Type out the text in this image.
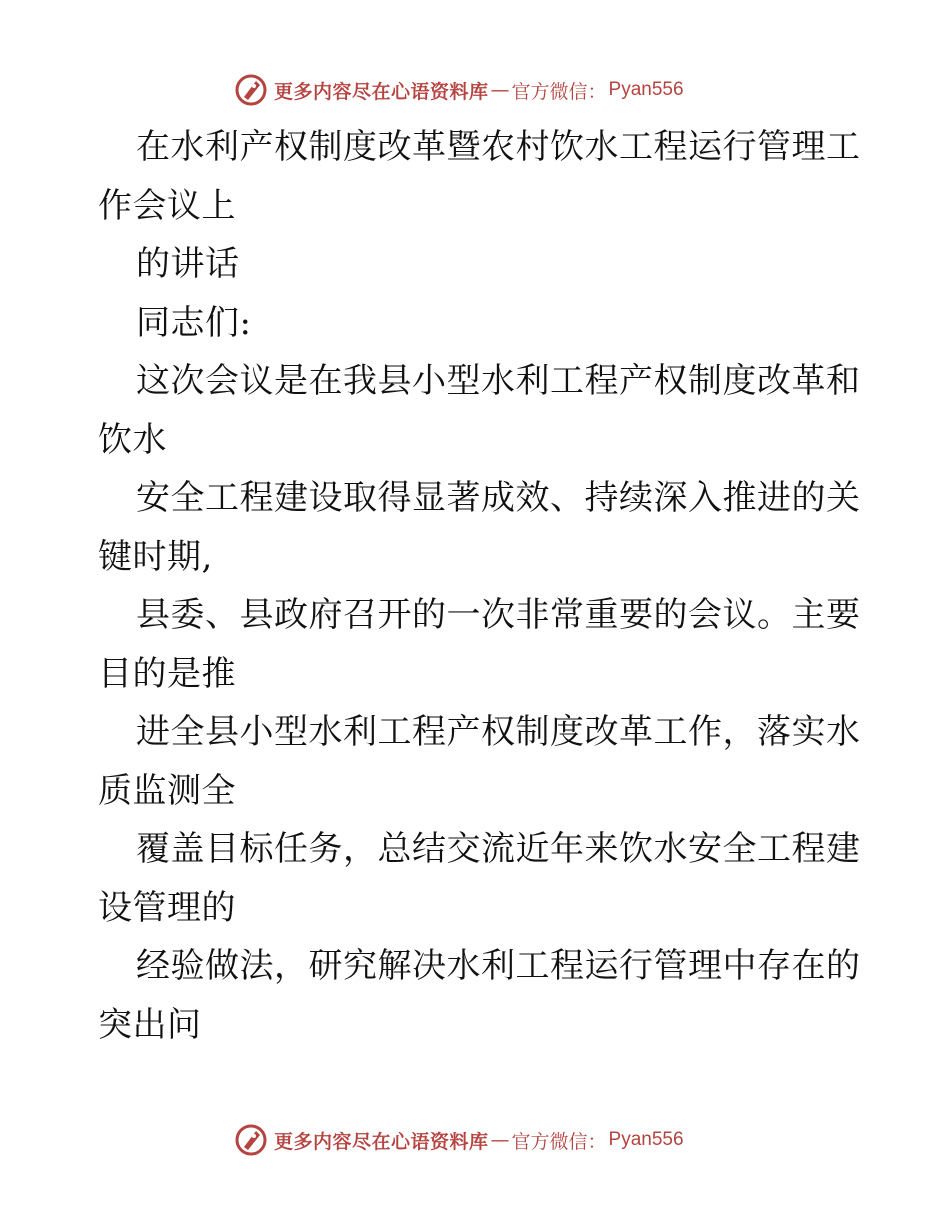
更多内容尽在心语资料库 — 官方微信： Pyan556
在水利产权制度改革暨农村饮水工程运行管理工
作会议上
的讲话
同志们:
这次会议是在我县小型水利工程产权制度改革和
饮水
安全工程建设取得显著成效、持续深入推进的关
键时期,
县委、县政府召开的一次非常重要的会议。主要
目的是推
进全县小型水利工程产权制度改革工作，落实水
质监测全
覆盖目标任务，总结交流近年来饮水安全工程建
设管理的
经验做法，研究解决水利工程运行管理中存在的
突出问
更多内容尽在心语资料库 — 官方微信： Pyan556
